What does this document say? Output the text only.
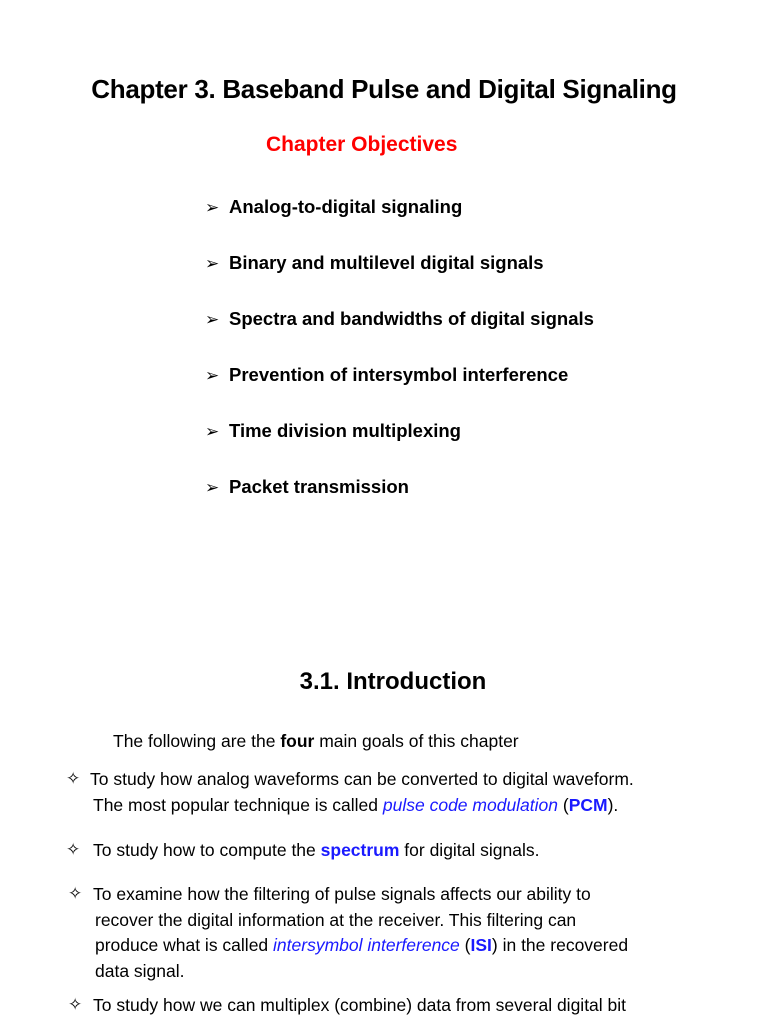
Chapter 3. Baseband Pulse and Digital Signaling
Chapter Objectives
➢ Analog-to-digital signaling
➢ Binary and multilevel digital signals
➢ Spectra and bandwidths of digital signals
➢ Prevention of intersymbol interference
➢ Time division multiplexing
➢ Packet transmission
3.1. Introduction
The following are the four main goals of this chapter
✧ To study how analog waveforms can be converted to digital waveform.
The most popular technique is called pulse code modulation (PCM).
✧ To study how to compute the spectrum for digital signals.
✧ To examine how the filtering of pulse signals affects our ability to
recover the digital information at the receiver. This filtering can
produce what is called intersymbol interference (ISI) in the recovered
data signal.
✧ To study how we can multiplex (combine) data from several digital bit
